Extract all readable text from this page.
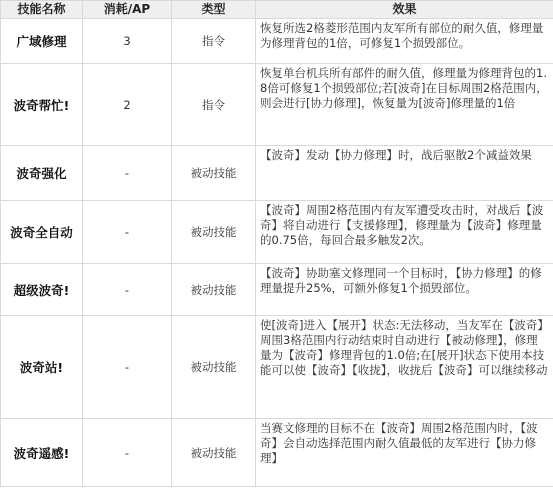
技能名称	消耗/AP	类型	效果
广域修理	3	指令	恢复所选2格菱形范围内友军所有部位的耐久值，修理量为修理背包的1倍，可修复1个损毁部位。
波奇帮忙!	2	指令	恢复单台机兵所有部件的耐久值，修理量为修理背包的1.8倍可修复1个损毁部位;若[波奇]在目标周围2格范围内，则会进行[协力修理]，恢复量为[波奇]修理量的1倍
波奇强化	-	被动技能	【波奇】发动【协力修理】时，战后驱散2个减益效果
波奇全自动	-	被动技能	【波奇】周围2格范围内有友军遭受攻击时，对战后【波奇】将自动进行【支援修理】，修理量为【波奇】修理量的0.75倍，每回合最多触发2次。
超级波奇!	-	被动技能	【波奇】协助塞文修理同一个目标时，【协力修理】的修理量提升25%，可额外修复1个损毁部位。
波奇站!	-	被动技能	使[波奇]进入【展开】状态:无法移动，当友军在【波奇】周围3格范围内行动结束时自动进行【被动修理】，修理量为【波奇】修理背包的1.0倍;在[展开]状态下使用本技能可以使【波奇】【收拢】，收拢后【波奇】可以继续移动
波奇遥感!	-	被动技能	当赛文修理的目标不在【波奇】周围2格范围内时，【波奇】会自动选择范围内耐久值最低的友军进行【协力修理】
